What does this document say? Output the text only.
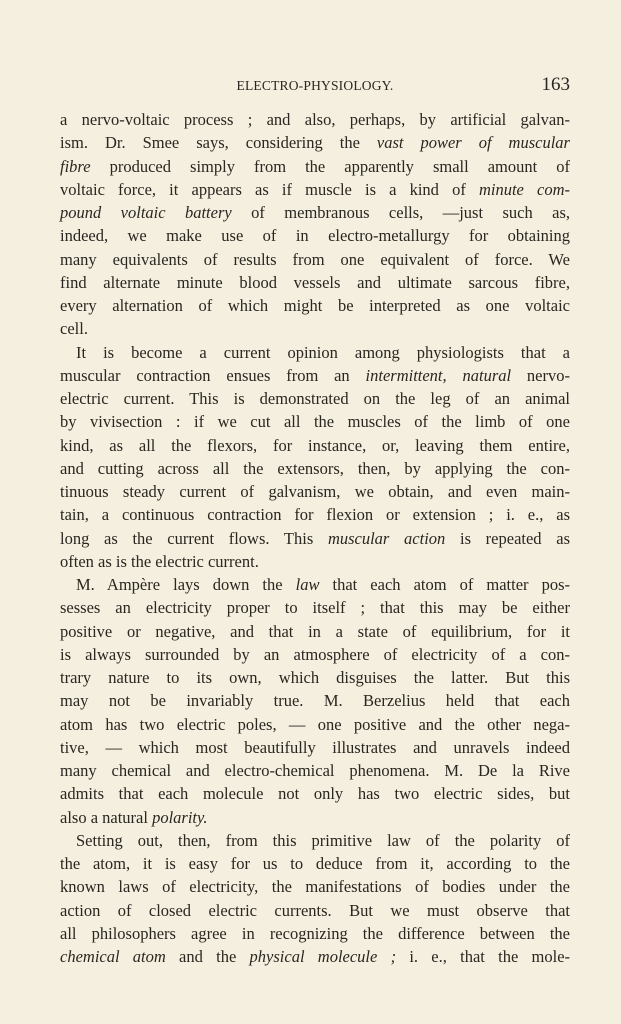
ELECTRO-PHYSIOLOGY.	163
a nervo-voltaic process ; and also, perhaps, by artificial galvan-
ism. Dr. Smee says, considering the vast power of muscular
fibre produced simply from the apparently small amount of
voltaic force, it appears as if muscle is a kind of minute com-
pound voltaic battery of membranous cells, —just such as,
indeed, we make use of in electro-metallurgy for obtaining
many equivalents of results from one equivalent of force. We
find alternate minute blood vessels and ultimate sarcous fibre,
every alternation of which might be interpreted as one voltaic
cell.
It is become a current opinion among physiologists that a
muscular contraction ensues from an intermittent, natural nervo-
electric current. This is demonstrated on the leg of an animal
by vivisection : if we cut all the muscles of the limb of one
kind, as all the flexors, for instance, or, leaving them entire,
and cutting across all the extensors, then, by applying the con-
tinuous steady current of galvanism, we obtain, and even main-
tain, a continuous contraction for flexion or extension ; i. e., as
long as the current flows. This muscular action is repeated as
often as is the electric current.
M. Ampère lays down the law that each atom of matter pos-
sesses an electricity proper to itself ; that this may be either
positive or negative, and that in a state of equilibrium, for it
is always surrounded by an atmosphere of electricity of a con-
trary nature to its own, which disguises the latter. But this
may not be invariably true. M. Berzelius held that each
atom has two electric poles, — one positive and the other nega-
tive, — which most beautifully illustrates and unravels indeed
many chemical and electro-chemical phenomena. M. De la Rive
admits that each molecule not only has two electric sides, but
also a natural polarity.
Setting out, then, from this primitive law of the polarity of
the atom, it is easy for us to deduce from it, according to the
known laws of electricity, the manifestations of bodies under the
action of closed electric currents. But we must observe that
all philosophers agree in recognizing the difference between the
chemical atom and the physical molecule ; i. e., that the mole-
